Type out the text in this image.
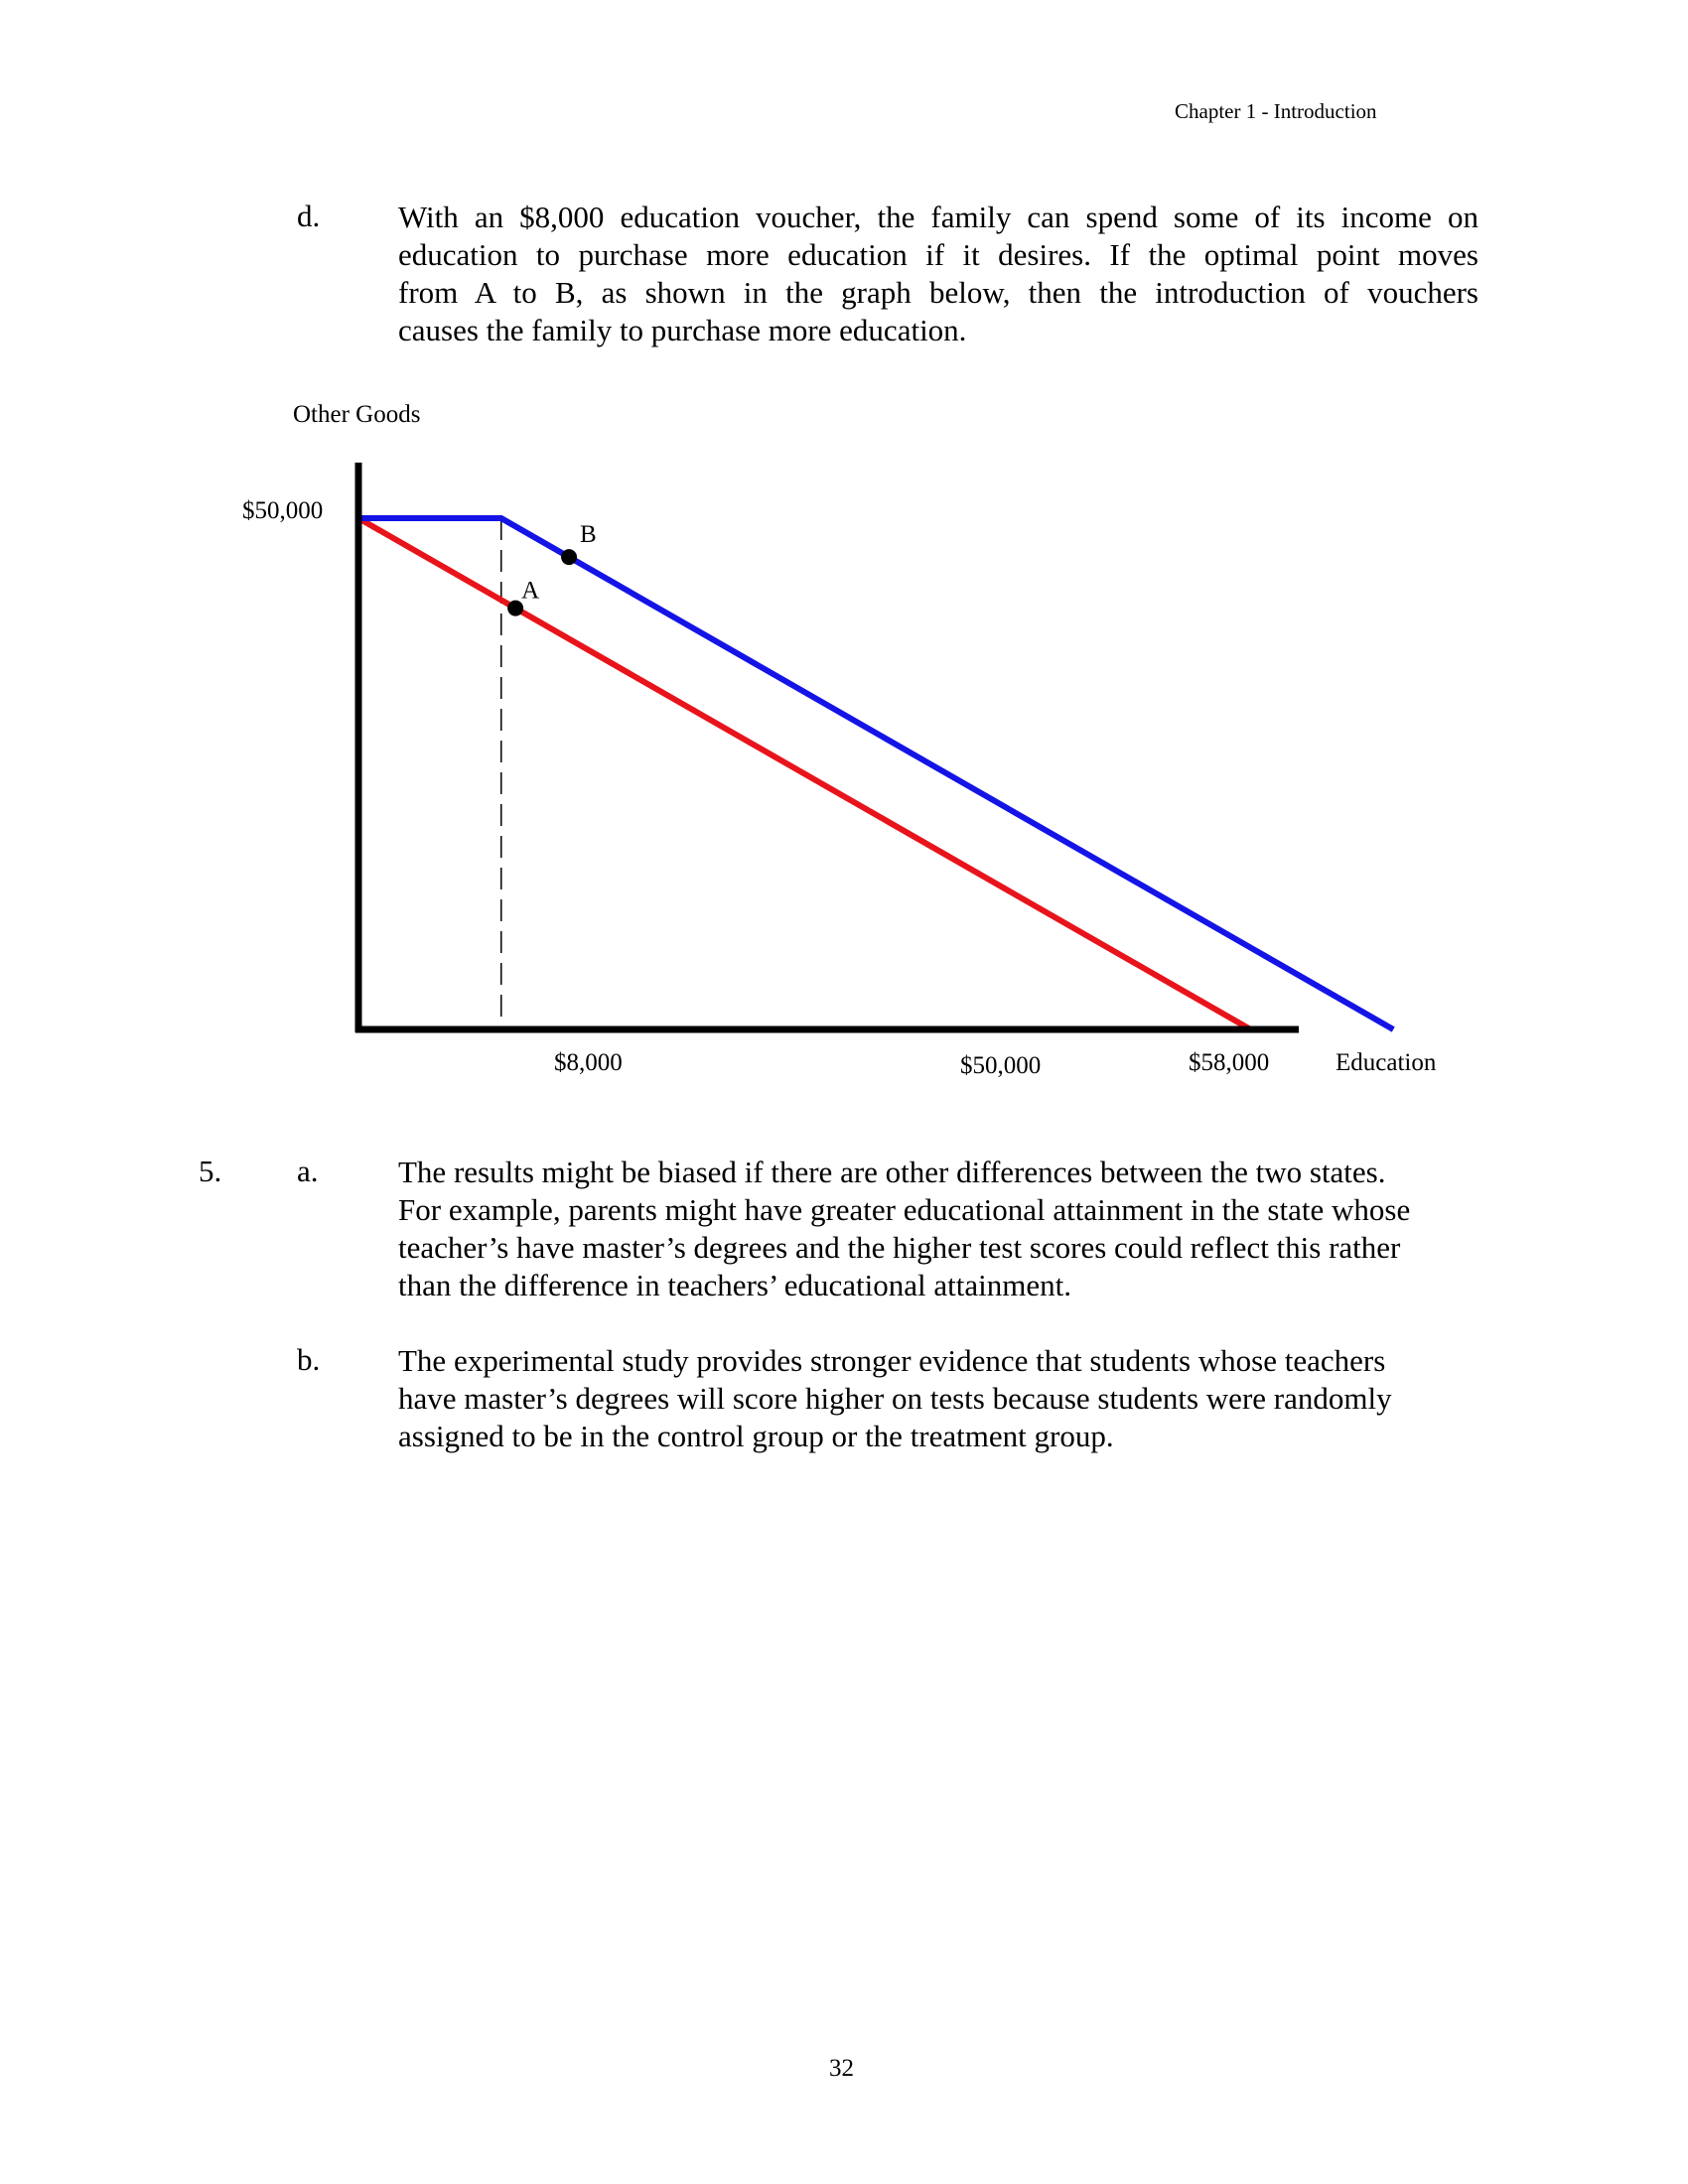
Chapter 1 - Introduction
d.	With an $8,000 education voucher, the family can spend some of its income on
education to purchase more education if it desires. If the optimal point moves
from A to B, as shown in the graph below, then the introduction of vouchers
causes the family to purchase more education.
Other Goods
Education
$50,000
$8,000	$50,000	$58,000
A
B
5. a.	The results might be biased if there are other differences between the two states.
For example, parents might have greater educational attainment in the state whose
teacher’s have master’s degrees and the higher test scores could reflect this rather
than the difference in teachers’ educational attainment.
b.	The experimental study provides stronger evidence that students whose teachers
have master’s degrees will score higher on tests because students were randomly
assigned to be in the control group or the treatment group.
32
